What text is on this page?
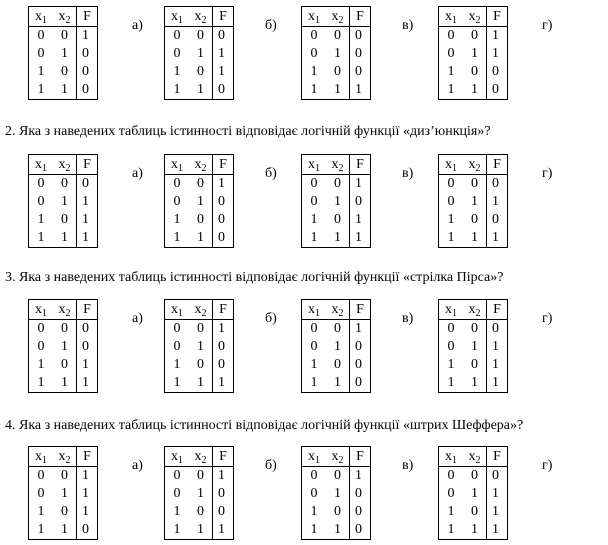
$x_1$	$x_2$	F
0	0	1
0	1	0
1	0	0
1	1	0
а)
$x_1$	$x_2$	F
0	0	0
0	1	1
1	0	1
1	1	0
б)
$x_1$	$x_2$	F
0	0	0
0	1	0
1	0	0
1	1	1
в)
$x_1$	$x_2$	F
0	0	1
0	1	1
1	0	0
1	1	0
г)
2. Яка з наведених таблиць істинності відповідає логічній функції «диз’юнкція»?
$x_1$	$x_2$	F
0	0	0
0	1	1
1	0	1
1	1	1
а)
$x_1$	$x_2$	F
0	0	1
0	1	0
1	0	0
1	1	0
б)
$x_1$	$x_2$	F
0	0	1
0	1	0
1	0	1
1	1	1
в)
$x_1$	$x_2$	F
0	0	0
0	1	1
1	0	0
1	1	1
г)
3. Яка з наведених таблиць істинності відповідає логічній функції «стрілка Пірса»?
$x_1$	$x_2$	F
0	0	0
0	1	0
1	0	1
1	1	1
а)
$x_1$	$x_2$	F
0	0	1
0	1	0
1	0	0
1	1	1
б)
$x_1$	$x_2$	F
0	0	1
0	1	0
1	0	0
1	1	0
в)
$x_1$	$x_2$	F
0	0	0
0	1	1
1	0	1
1	1	1
г)
4. Яка з наведених таблиць істинності відповідає логічній функції «штрих Шеффера»?
$x_1$	$x_2$	F
0	0	1
0	1	1
1	0	1
1	1	0
а)
$x_1$	$x_2$	F
0	0	1
0	1	0
1	0	0
1	1	1
б)
$x_1$	$x_2$	F
0	0	1
0	1	0
1	0	0
1	1	0
в)
$x_1$	$x_2$	F
0	0	0
0	1	1
1	0	1
1	1	1
г)
